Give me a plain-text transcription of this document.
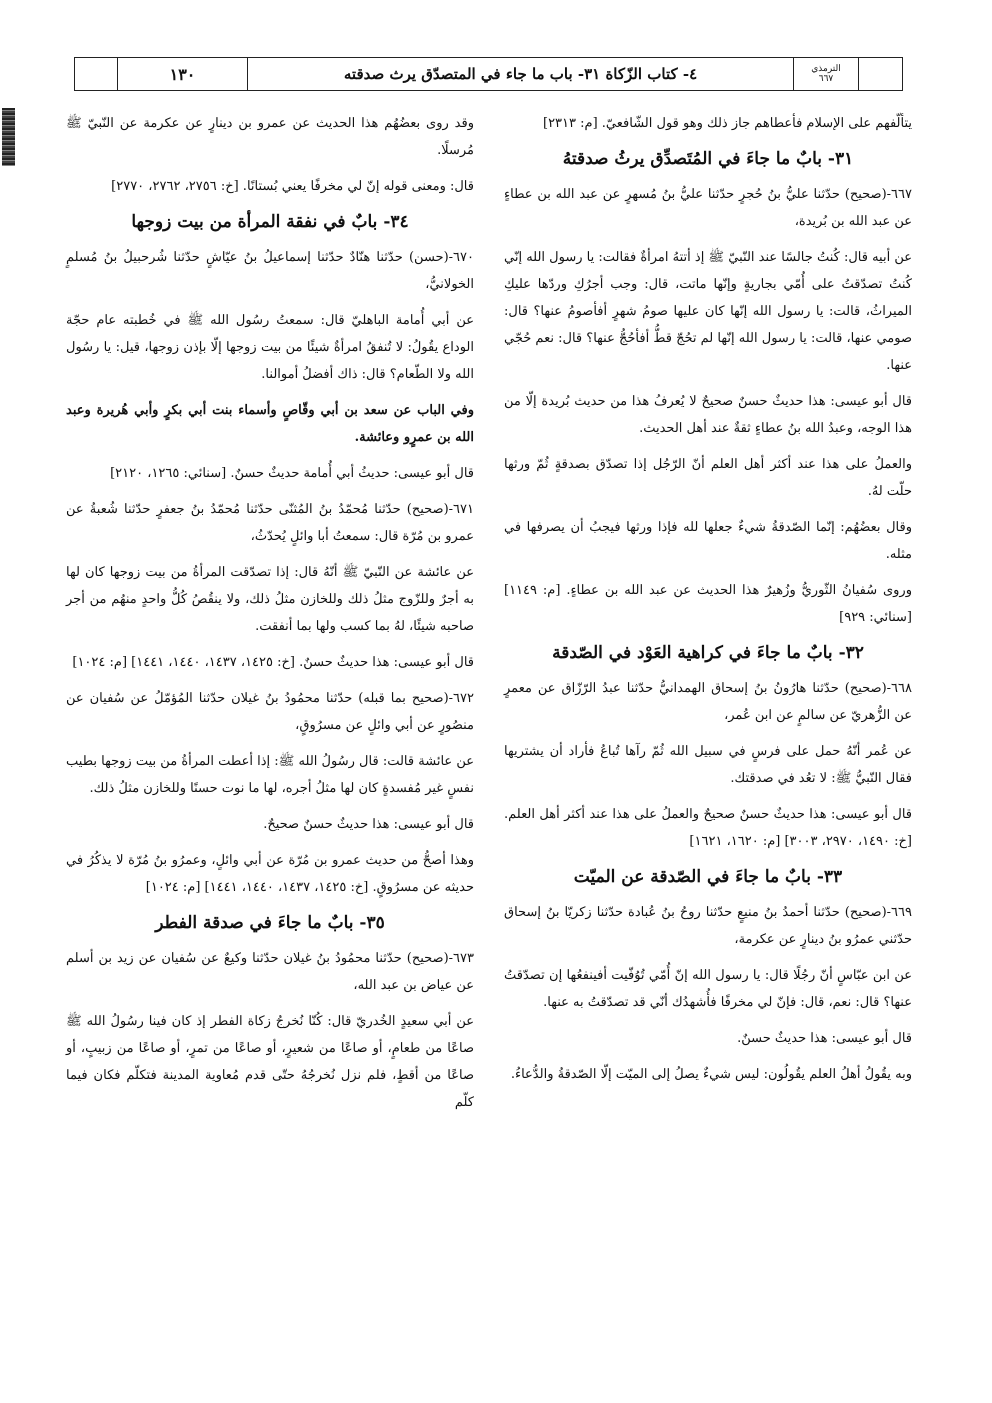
الترمذي
٦٦٧
٤- كتاب الزّكاة ٣١- باب ما جاء في المتصدّق يرث صدقته
١٣٠

يتألّفهم على الإسلام فأعطاهم جاز ذلك وهو قول الشّافعيّ. [م: ٢٣١٣]

٣١- بابٌ ما جاءَ في المُتَصدِّق يرثُ صدقتهُ

٦٦٧-(صحيح) حدّثنا عليُّ بنُ حُجرٍ حدّثنا عليُّ بنُ مُسهرٍ عن عبد الله بن عطاءٍ عن عبد الله بن بُريدة،

عن أبيه قال: كُنتُ جالسًا عند النّبيّ ﷺ إذ أتتهُ امرأةٌ فقالت: يا رسول الله إنّي كُنتُ تصدّقتُ على أُمّي بجاريةٍ وإنّها ماتت، قال: وجب أجرُكِ وردّها عليكِ الميراثُ، قالت: يا رسول الله إنّها كان عليها صومُ شهرٍ أفأصومُ عنها؟ قال: صومي عنها، قالت: يا رسول الله إنّها لم تحُجّ قطُّ أفأحُجُّ عنها؟ قال: نعم حُجّي عنها.

قال أبو عيسى: هذا حديثٌ حسنٌ صحيحٌ لا يُعرفُ هذا من حديث بُريدة إلّا من هذا الوجه، وعبدُ الله بنُ عطاءٍ ثقةٌ عند أهل الحديث.

والعملُ على هذا عند أكثر أهل العلم أنّ الرّجُل إذا تصدّق بصدقةٍ ثُمّ ورثها حلّت لهُ.

وقال بعضُهُم: إنّما الصّدقةُ شيءٌ جعلها لله فإذا ورثها فيجبُ أن يصرفها في مثله.

وروى سُفيانُ الثّوريُّ وزُهيرٌ هذا الحديث عن عبد الله بن عطاءٍ. [م: ١١٤٩] [سنائي: ٩٢٩]

٣٢- بابٌ ما جاءَ في كراهية العَوْد في الصّدقة

٦٦٨-(صحيح) حدّثنا هارُونُ بنُ إسحاق الهمدانيُّ حدّثنا عبدُ الرّزّاق عن معمرٍ عن الزُّهريّ عن سالمٍ عن ابن عُمر،

عن عُمر أنّهُ حمل على فرسٍ في سبيل الله ثُمّ رآها تُباعُ فأراد أن يشتريها فقال النّبيُّ ﷺ: لا تعُد في صدقتك.

قال أبو عيسى: هذا حديثٌ حسنٌ صحيحٌ والعملُ على هذا عند أكثر أهل العلم. [خ: ١٤٩٠، ٢٩٧٠، ٣٠٠٣] [م: ١٦٢٠، ١٦٢١]

٣٣- بابٌ ما جاءَ في الصّدقة عن الميّت

٦٦٩-(صحيح) حدّثنا أحمدُ بنُ منيعٍ حدّثنا روحُ بنُ عُبادة حدّثنا زكريّا بنُ إسحاق حدّثني عمرُو بنُ دينارٍ عن عكرمة،

عن ابن عبّاسٍ أنّ رجُلًا قال: يا رسول الله إنّ أُمّي تُوُفّيت أفينفعُها إن تصدّقتُ عنها؟ قال: نعم، قال: فإنّ لي مخرفًا فأُشهدُك أنّي قد تصدّقتُ به عنها.

قال أبو عيسى: هذا حديثٌ حسنٌ.

وبه يقُولُ أهلُ العلم يقُولُون: ليس شيءٌ يصلُ إلى الميّت إلّا الصّدقةُ والدُّعاءُ.

وقد روى بعضُهُم هذا الحديث عن عمرو بن دينارٍ عن عكرمة عن النّبيّ ﷺ مُرسلًا.

قال: ومعنى قوله إنّ لي مخرفًا يعني بُستانًا. [خ: ٢٧٥٦، ٢٧٦٢، ٢٧٧٠]

٣٤- بابٌ في نفقة المرأة من بيت زوجها

٦٧٠-(حسن) حدّثنا هنّادٌ حدّثنا إسماعيلُ بنُ عيّاشٍ حدّثنا شُرحبيلُ بنُ مُسلمٍ الخولانيُّ،

عن أبي أُمامة الباهليّ قال: سمعتُ رسُول الله ﷺ في خُطبته عام حجّة الوداع يقُولُ: لا تُنفقُ امرأةٌ شيئًا من بيت زوجها إلّا بإذن زوجها، قيل: يا رسُول الله ولا الطّعام؟ قال: ذاك أفضلُ أموالنا.

وفي الباب عن سعد بن أبي وقّاصٍ وأسماء بنت أبي بكرٍ وأبي هُريرة وعبد الله بن عمرٍو وعائشة.

قال أبو عيسى: حديثُ أبي أُمامة حديثٌ حسنٌ. [سنائي: ١٢٦٥، ٢١٢٠]

٦٧١-(صحيح) حدّثنا مُحمّدُ بنُ المُثنّى حدّثنا مُحمّدُ بنُ جعفرٍ حدّثنا شُعبةُ عن عمرو بن مُرّة قال: سمعتُ أبا وائلٍ يُحدّثُ،

عن عائشة عن النّبيّ ﷺ أنّهُ قال: إذا تصدّقت المرأةُ من بيت زوجها كان لها به أجرٌ وللزّوج مثلُ ذلك وللخازن مثلُ ذلك، ولا ينقُصُ كُلُّ واحدٍ منهُم من أجر صاحبه شيئًا، لهُ بما كسب ولها بما أنفقت.

قال أبو عيسى: هذا حديثٌ حسنٌ. [خ: ١٤٢٥، ١٤٣٧، ١٤٤٠، ١٤٤١] [م: ١٠٢٤]

٦٧٢-(صحيح بما قبله) حدّثنا محمُودُ بنُ غيلان حدّثنا المُؤمّلُ عن سُفيان عن منصُورٍ عن أبي وائلٍ عن مسرُوقٍ،

عن عائشة قالت: قال رسُولُ الله ﷺ: إذا أعطت المرأةُ من بيت زوجها بطيب نفسٍ غير مُفسدةٍ كان لها مثلُ أجره، لها ما نوت حسنًا وللخازن مثلُ ذلك.

قال أبو عيسى: هذا حديثٌ حسنٌ صحيحٌ.

وهذا أصحُّ من حديث عمرو بن مُرّة عن أبي وائلٍ، وعمرُو بنُ مُرّة لا يذكُرُ في حديثه عن مسرُوقٍ. [خ: ١٤٢٥، ١٤٣٧، ١٤٤٠، ١٤٤١] [م: ١٠٢٤]

٣٥- بابٌ ما جاءَ في صدقة الفطر

٦٧٣-(صحيح) حدّثنا محمُودُ بنُ غيلان حدّثنا وكيعٌ عن سُفيان عن زيد بن أسلم عن عياض بن عبد الله،

عن أبي سعيدٍ الخُدريّ قال: كُنّا نُخرجُ زكاة الفطر إذ كان فينا رسُولُ الله ﷺ صاعًا من طعامٍ، أو صاعًا من شعيرٍ، أو صاعًا من تمرٍ، أو صاعًا من زبيبٍ، أو صاعًا من أقطٍ، فلم نزل نُخرجُهُ حتّى قدم مُعاوية المدينة فتكلّم فكان فيما كلّم
